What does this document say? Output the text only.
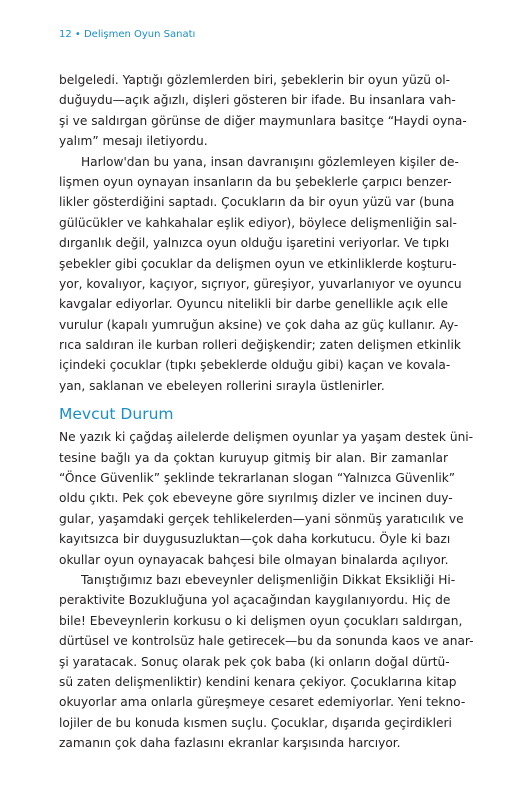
12 • Delişmen Oyun Sanatı
belgeledi. Yaptığı gözlemlerden biri, şebeklerin bir oyun yüzü ol-
duğuydu—açık ağızlı, dişleri gösteren bir ifade. Bu insanlara vah-
şi ve saldırgan görünse de diğer maymunlara basitçe “Haydi oyna-
yalım” mesajı iletiyordu.
Harlow'dan bu yana, insan davranışını gözlemleyen kişiler de-
lişmen oyun oynayan insanların da bu şebeklerle çarpıcı benzer-
likler gösterdiğini saptadı. Çocukların da bir oyun yüzü var (buna
gülücükler ve kahkahalar eşlik ediyor), böylece delişmenliğin sal-
dırganlık değil, yalnızca oyun olduğu işaretini veriyorlar. Ve tıpkı
şebekler gibi çocuklar da delişmen oyun ve etkinliklerde koşturu-
yor, kovalıyor, kaçıyor, sıçrıyor, güreşiyor, yuvarlanıyor ve oyuncu
kavgalar ediyorlar. Oyuncu nitelikli bir darbe genellikle açık elle
vurulur (kapalı yumruğun aksine) ve çok daha az güç kullanır. Ay-
rıca saldıran ile kurban rolleri değişkendir; zaten delişmen etkinlik
içindeki çocuklar (tıpkı şebeklerde olduğu gibi) kaçan ve kovala-
yan, saklanan ve ebeleyen rollerini sırayla üstlenirler.
Mevcut Durum
Ne yazık ki çağdaş ailelerde delişmen oyunlar ya yaşam destek üni-
tesine bağlı ya da çoktan kuruyup gitmiş bir alan. Bir zamanlar
“Önce Güvenlik” şeklinde tekrarlanan slogan “Yalnızca Güvenlik”
oldu çıktı. Pek çok ebeveyne göre sıyrılmış dizler ve incinen duy-
gular, yaşamdaki gerçek tehlikelerden—yani sönmüş yaratıcılık ve
kayıtsızca bir duygusuzluktan—çok daha korkutucu. Öyle ki bazı
okullar oyun oynayacak bahçesi bile olmayan binalarda açılıyor.
Tanıştığımız bazı ebeveynler delişmenliğin Dikkat Eksikliği Hi-
peraktivite Bozukluğuna yol açacağından kaygılanıyordu. Hiç de
bile! Ebeveynlerin korkusu o ki delişmen oyun çocukları saldırgan,
dürtüsel ve kontrolsüz hale getirecek—bu da sonunda kaos ve anar-
şi yaratacak. Sonuç olarak pek çok baba (ki onların doğal dürtü-
sü zaten delişmenliktir) kendini kenara çekiyor. Çocuklarına kitap
okuyorlar ama onlarla güreşmeye cesaret edemiyorlar. Yeni tekno-
lojiler de bu konuda kısmen suçlu. Çocuklar, dışarıda geçirdikleri
zamanın çok daha fazlasını ekranlar karşısında harcıyor.
